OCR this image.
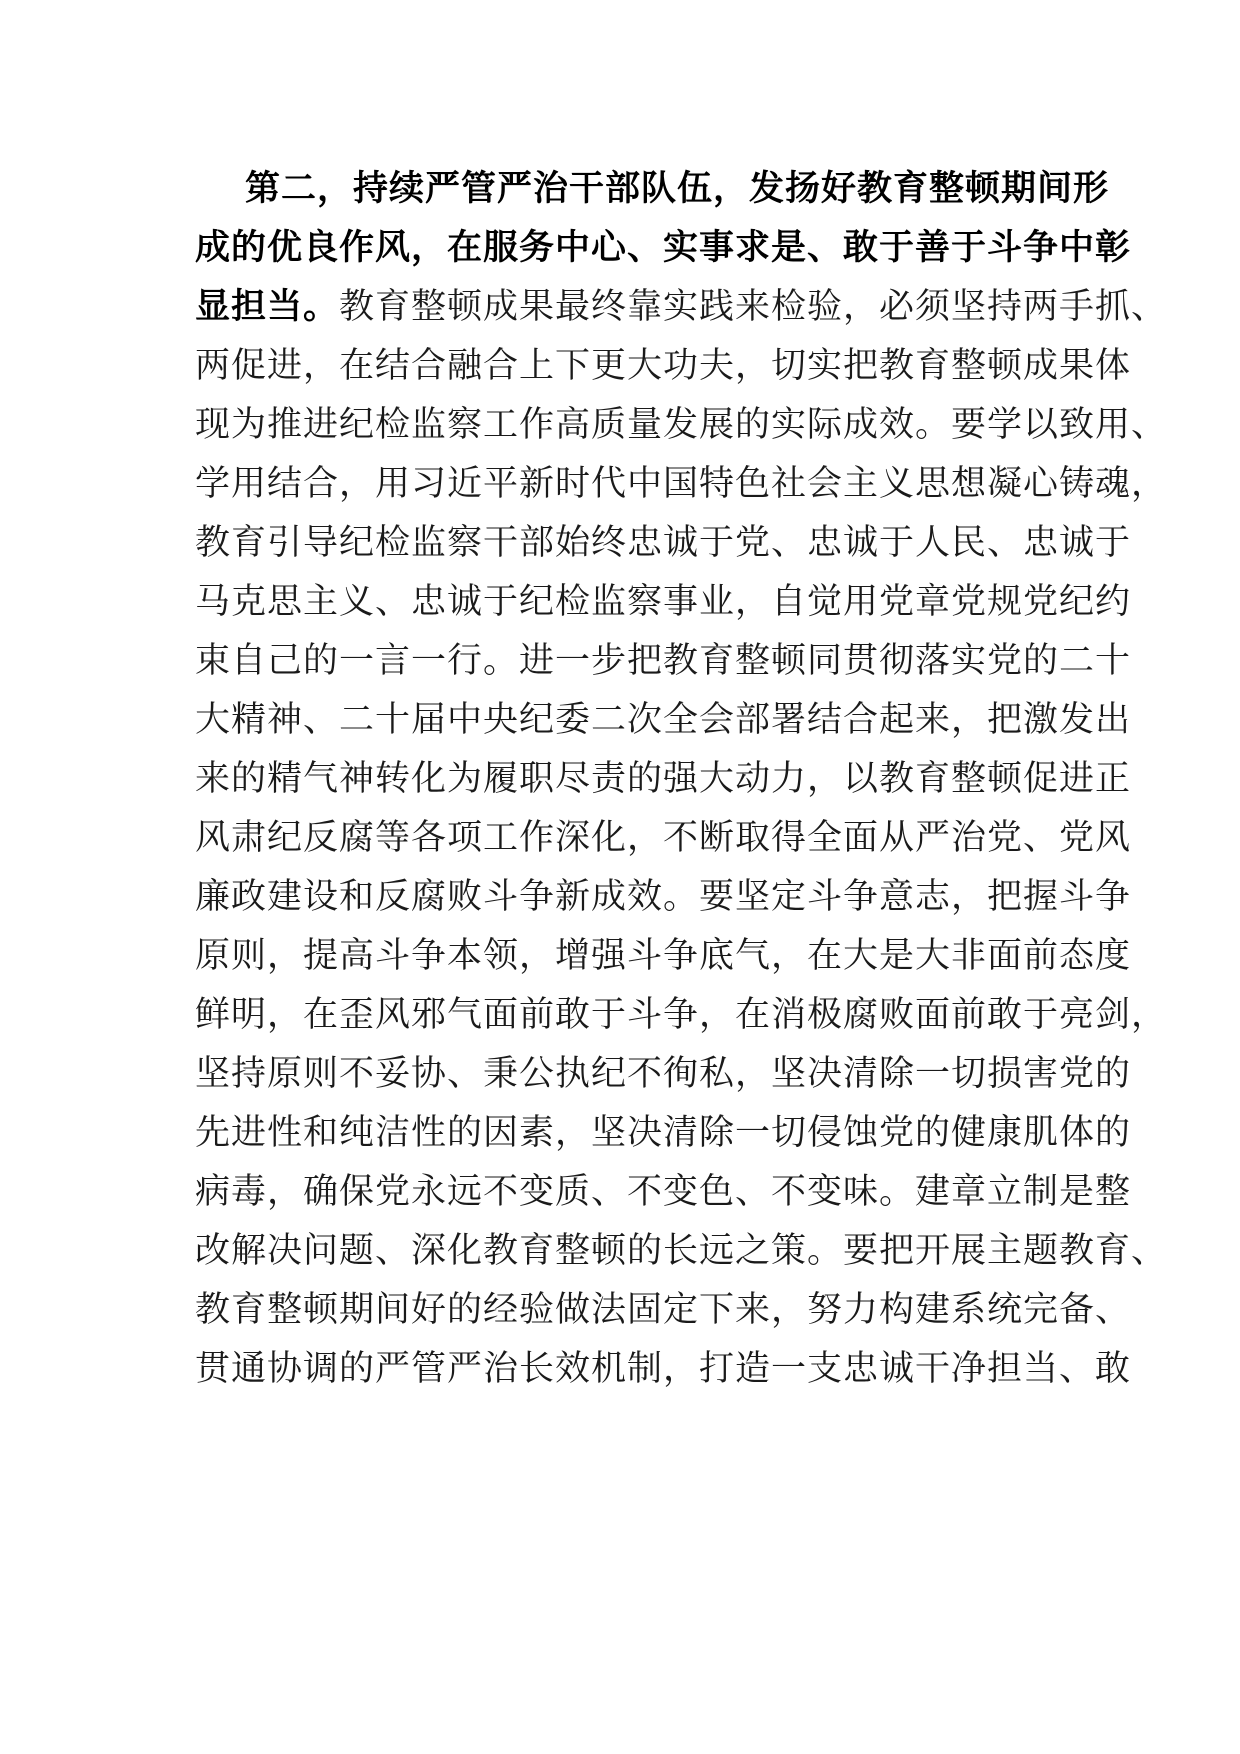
第二，持续严管严治干部队伍，发扬好教育整顿期间形
成的优良作风，在服务中心、实事求是、敢于善于斗争中彰
显担当。教育整顿成果最终靠实践来检验，必须坚持两手抓、
两促进，在结合融合上下更大功夫，切实把教育整顿成果体
现为推进纪检监察工作高质量发展的实际成效。要学以致用、
学用结合，用习近平新时代中国特色社会主义思想凝心铸魂，
教育引导纪检监察干部始终忠诚于党、忠诚于人民、忠诚于
马克思主义、忠诚于纪检监察事业，自觉用党章党规党纪约
束自己的一言一行。进一步把教育整顿同贯彻落实党的二十
大精神、二十届中央纪委二次全会部署结合起来，把激发出
来的精气神转化为履职尽责的强大动力，以教育整顿促进正
风肃纪反腐等各项工作深化，不断取得全面从严治党、党风
廉政建设和反腐败斗争新成效。要坚定斗争意志，把握斗争
原则，提高斗争本领，增强斗争底气，在大是大非面前态度
鲜明，在歪风邪气面前敢于斗争，在消极腐败面前敢于亮剑，
坚持原则不妥协、秉公执纪不徇私，坚决清除一切损害党的
先进性和纯洁性的因素，坚决清除一切侵蚀党的健康肌体的
病毒，确保党永远不变质、不变色、不变味。建章立制是整
改解决问题、深化教育整顿的长远之策。要把开展主题教育、
教育整顿期间好的经验做法固定下来，努力构建系统完备、
贯通协调的严管严治长效机制，打造一支忠诚干净担当、敢
